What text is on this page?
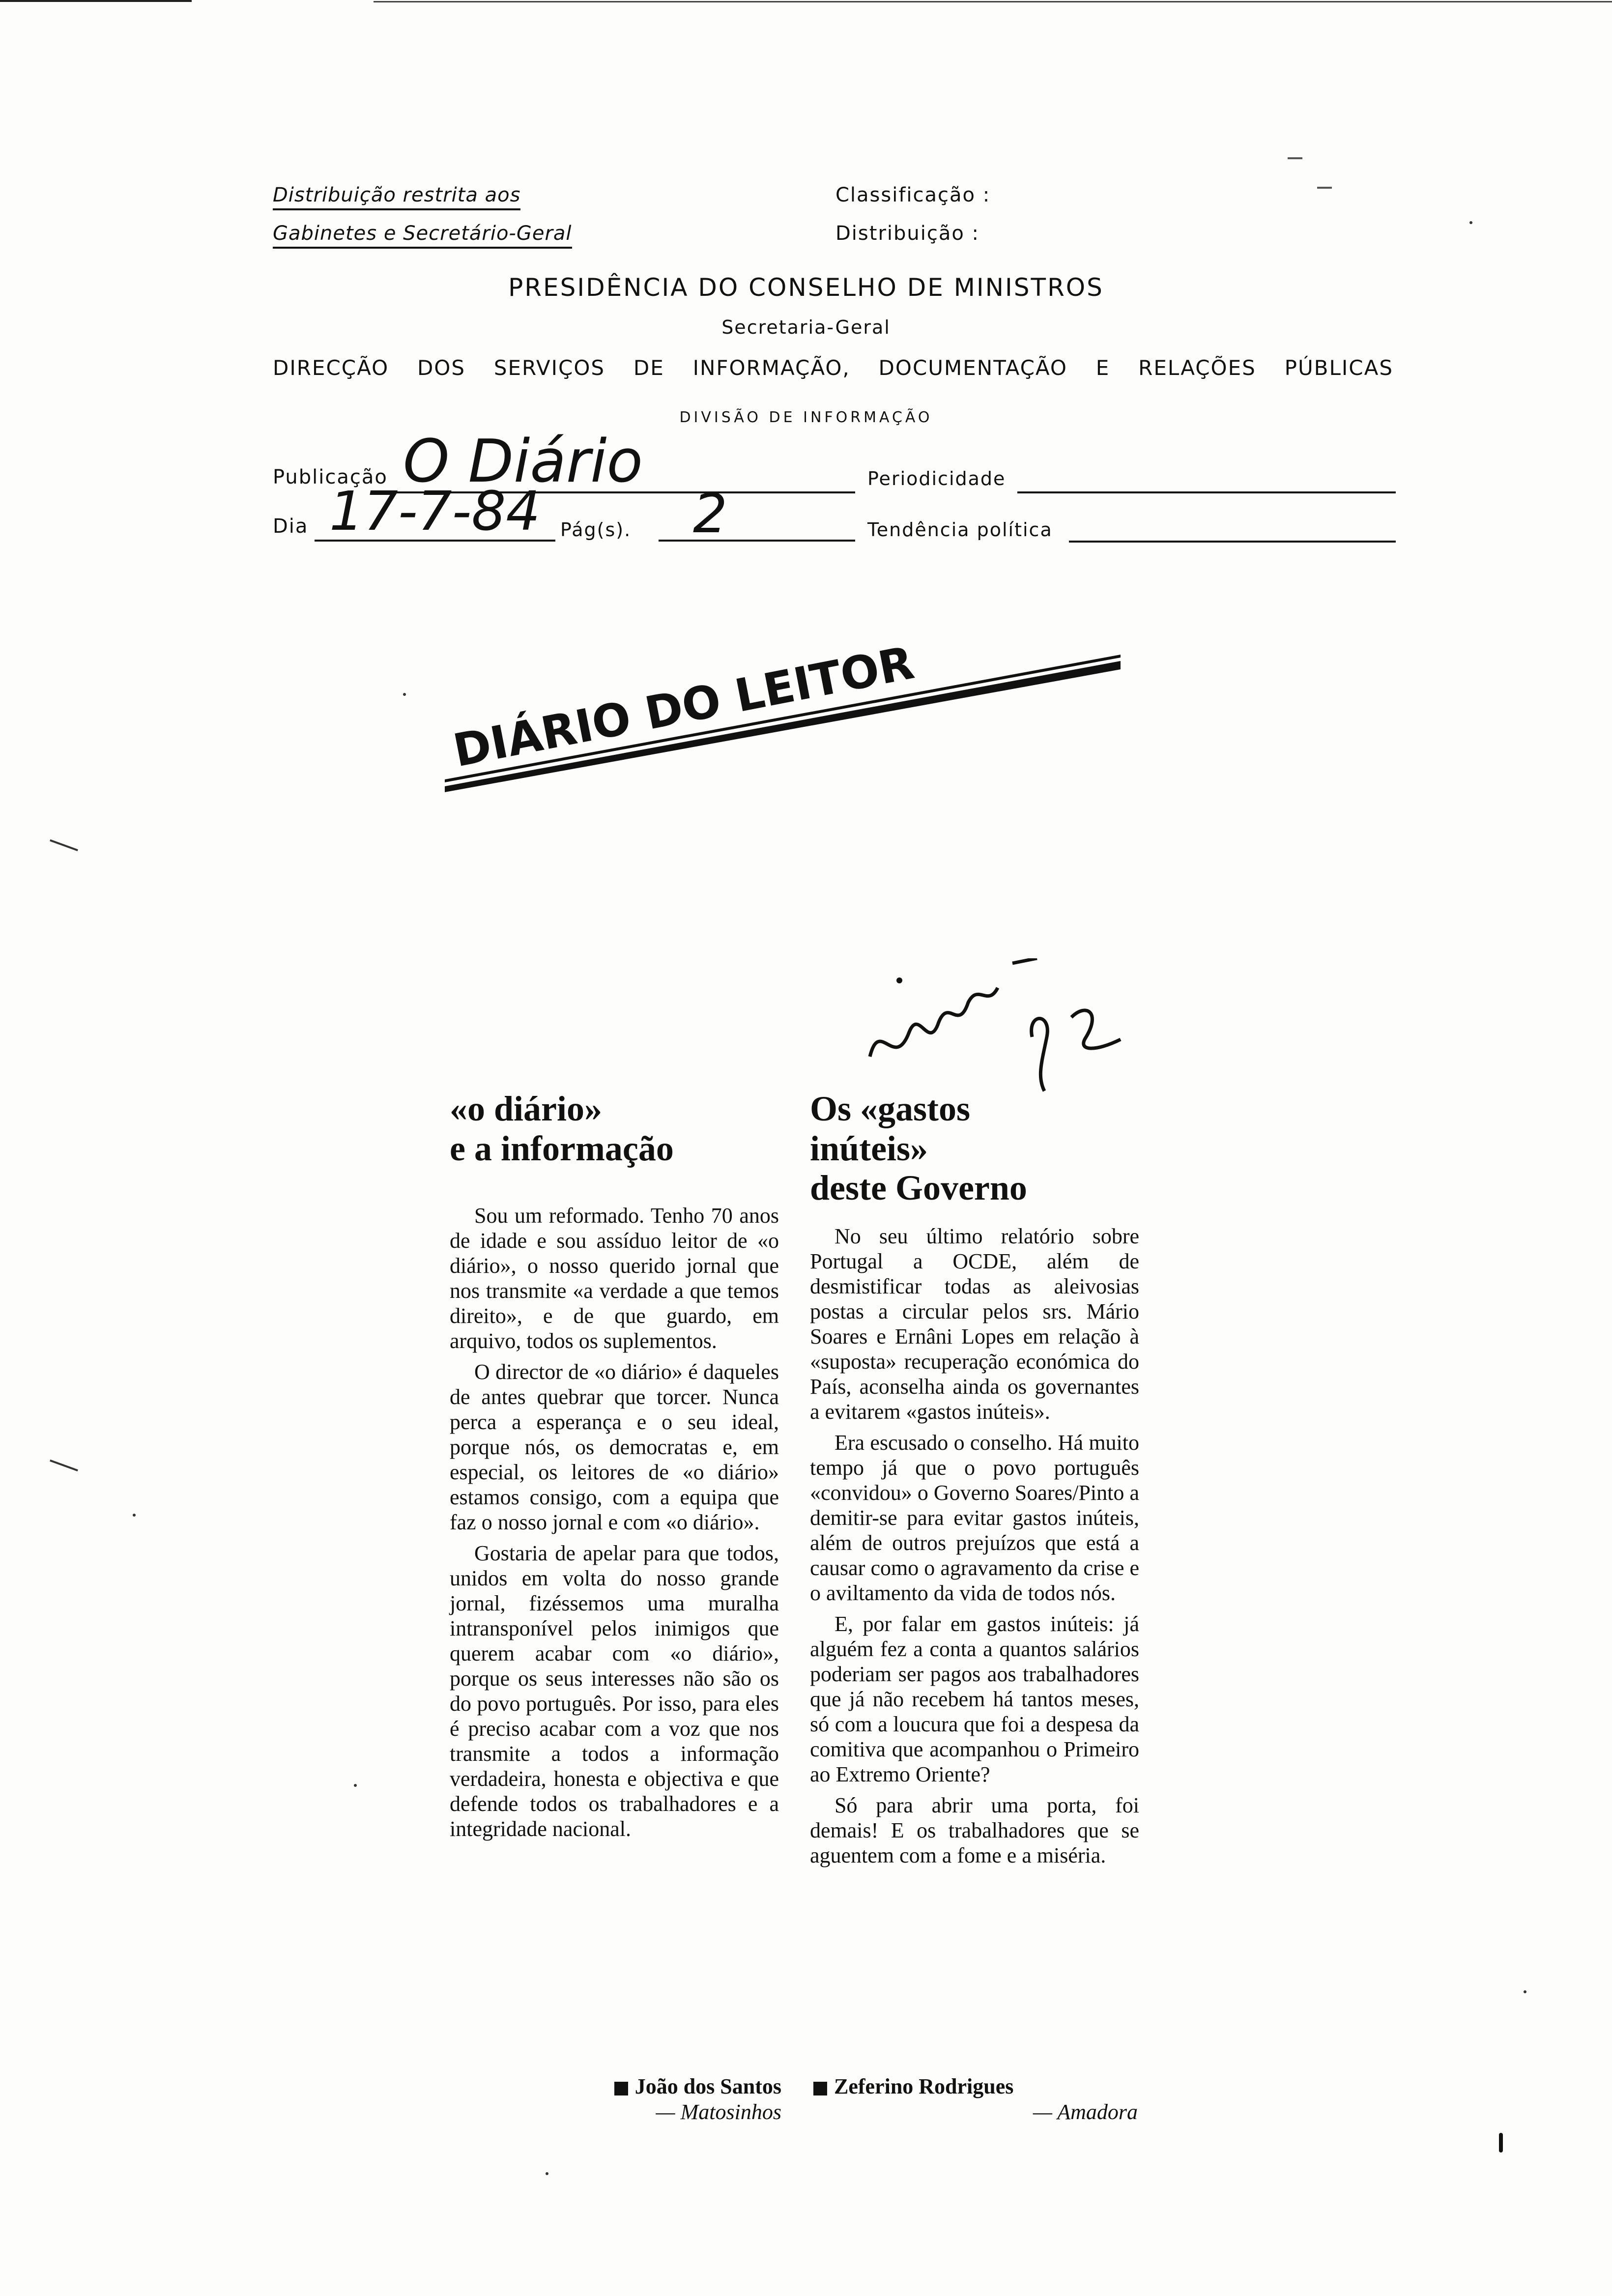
Distribuição restrita aos
Gabinetes e Secretário-Geral
Classificação :
Distribuição :
PRESIDÊNCIA DO CONSELHO DE MINISTROS
Secretaria-Geral
DIRECÇÃO DOS SERVIÇOS DE INFORMAÇÃO, DOCUMENTAÇÃO E RELAÇÕES PÚBLICAS
DIVISÃO DE INFORMAÇÃO
Publicação O Diário	Periodicidade
Dia 17-7-84 Pág(s). 2	Tendência política
DIÁRIO DO LEITOR
«o diário»
e a informação

Sou um reformado. Tenho 70 anos de idade e sou assíduo leitor de «o diário», o nosso querido jornal que nos transmite «a verdade a que temos direito», e de que guardo, em arquivo, todos os suplementos.

O director de «o diário» é daqueles de antes quebrar que torcer. Nunca perca a esperança e o seu ideal, porque nós, os democratas e, em especial, os leitores de «o diário» estamos consigo, com a equipa que faz o nosso jornal e com «o diário».

Gostaria de apelar para que todos, unidos em volta do nosso grande jornal, fizéssemos uma muralha intransponível pelos inimigos que querem acabar com «o diário», porque os seus interesses não são os do povo português. Por isso, para eles é preciso acabar com a voz que nos transmite a todos a informação verdadeira, honesta e objectiva e que defende todos os trabalhadores e a integridade nacional.

João dos Santos
— Matosinhos
Os «gastos
inúteis»
deste Governo

No seu último relatório sobre Portugal a OCDE, além de desmistificar todas as aleivosias postas a circular pelos srs. Mário Soares e Ernâni Lopes em relação à «suposta» recuperação económica do País, aconselha ainda os governantes a evitarem «gastos inúteis».

Era escusado o conselho. Há muito tempo já que o povo português «convidou» o Governo Soares/Pinto a demitir-se para evitar gastos inúteis, além de outros prejuízos que está a causar como o agravamento da crise e o aviltamento da vida de todos nós.

E, por falar em gastos inúteis: já alguém fez a conta a quantos salários poderiam ser pagos aos trabalhadores que já não recebem há tantos meses, só com a loucura que foi a despesa da comitiva que acompanhou o Primeiro ao Extremo Oriente?

Só para abrir uma porta, foi demais! E os trabalhadores que se aguentem com a fome e a miséria.

Zeferino Rodrigues
— Amadora
